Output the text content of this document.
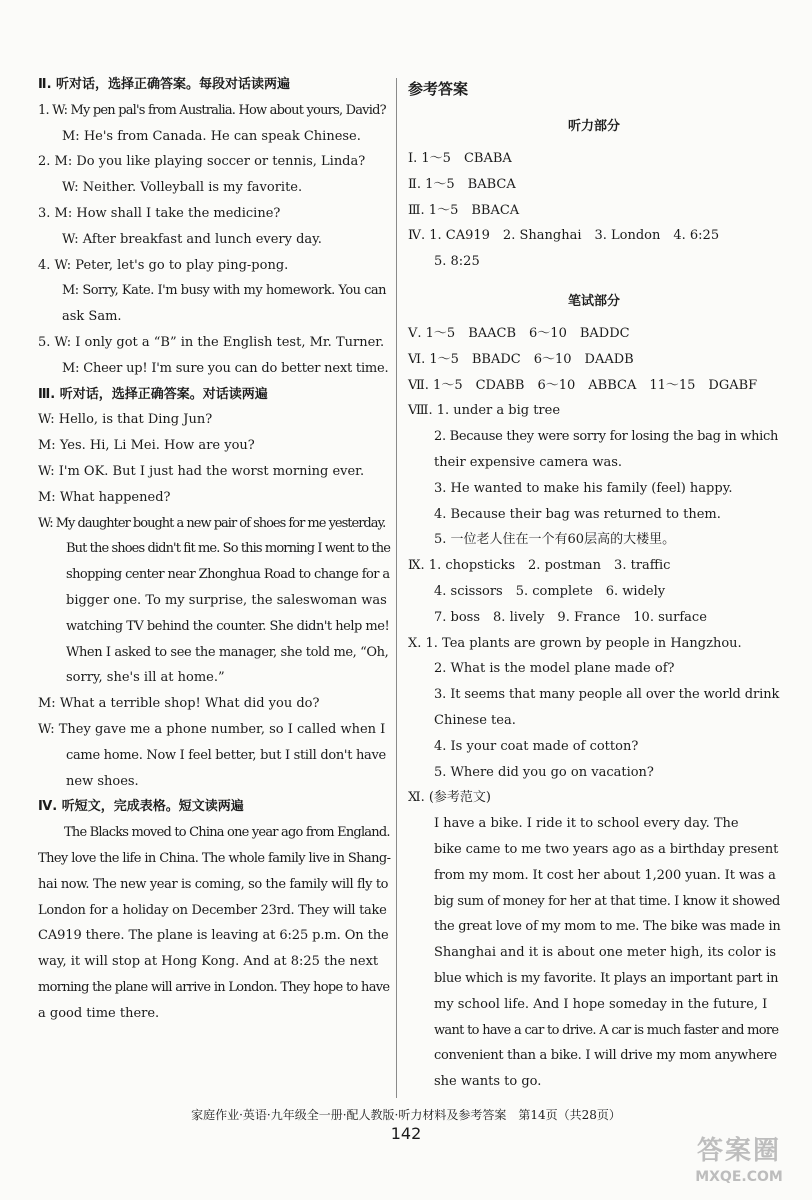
Ⅱ. 听对话，选择正确答案。每段对话读两遍
1. W: My pen pal's from Australia. How about yours, David?
M: He's from Canada. He can speak Chinese.
2. M: Do you like playing soccer or tennis, Linda?
W: Neither. Volleyball is my favorite.
3. M: How shall I take the medicine?
W: After breakfast and lunch every day.
4. W: Peter, let's go to play ping-pong.
M: Sorry, Kate. I'm busy with my homework. You can
ask Sam.
5. W: I only got a “B” in the English test, Mr. Turner.
M: Cheer up! I'm sure you can do better next time.
Ⅲ. 听对话，选择正确答案。对话读两遍
W: Hello, is that Ding Jun?
M: Yes. Hi, Li Mei. How are you?
W: I'm OK. But I just had the worst morning ever.
M: What happened?
W: My daughter bought a new pair of shoes for me yesterday.
But the shoes didn't fit me. So this morning I went to the
shopping center near Zhonghua Road to change for a
bigger one. To my surprise, the saleswoman was
watching TV behind the counter. She didn't help me!
When I asked to see the manager, she told me, “Oh,
sorry, she's ill at home.”
M: What a terrible shop! What did you do?
W: They gave me a phone number, so I called when I
came home. Now I feel better, but I still don't have
new shoes.
Ⅳ. 听短文，完成表格。短文读两遍
The Blacks moved to China one year ago from England.
They love the life in China. The whole family live in Shang-
hai now. The new year is coming, so the family will fly to
London for a holiday on December 23rd. They will take
CA919 there. The plane is leaving at 6:25 p.m. On the
way, it will stop at Hong Kong. And at 8:25 the next
morning the plane will arrive in London. They hope to have
a good time there.
参考答案
听力部分
Ⅰ. 1～5　CBABA
Ⅱ. 1～5　BABCA
Ⅲ. 1～5　BBACA
Ⅳ. 1. CA919　2. Shanghai　3. London　4. 6:25
5. 8:25
笔试部分
Ⅴ. 1～5　BAACB　6～10　BADDC
Ⅵ. 1～5　BBADC　6～10　DAADB
Ⅶ. 1～5　CDABB　6～10　ABBCA　11～15　DGABF
Ⅷ. 1. under a big tree
2. Because they were sorry for losing the bag in which
their expensive camera was.
3. He wanted to make his family (feel) happy.
4. Because their bag was returned to them.
5. 一位老人住在一个有60层高的大楼里。
Ⅸ. 1. chopsticks　2. postman　3. traffic
4. scissors　5. complete　6. widely
7. boss　8. lively　9. France　10. surface
Ⅹ. 1. Tea plants are grown by people in Hangzhou.
2. What is the model plane made of?
3. It seems that many people all over the world drink
Chinese tea.
4. Is your coat made of cotton?
5. Where did you go on vacation?
Ⅺ. (参考范文)
I have a bike. I ride it to school every day. The
bike came to me two years ago as a birthday present
from my mom. It cost her about 1,200 yuan. It was a
big sum of money for her at that time. I know it showed
the great love of my mom to me. The bike was made in
Shanghai and it is about one meter high, its color is
blue which is my favorite. It plays an important part in
my school life. And I hope someday in the future, I
want to have a car to drive. A car is much faster and more
convenient than a bike. I will drive my mom anywhere
she wants to go.
家庭作业·英语·九年级全一册·配人教版·听力材料及参考答案　第14页（共28页）
142
答案圈
MXQE.COM
